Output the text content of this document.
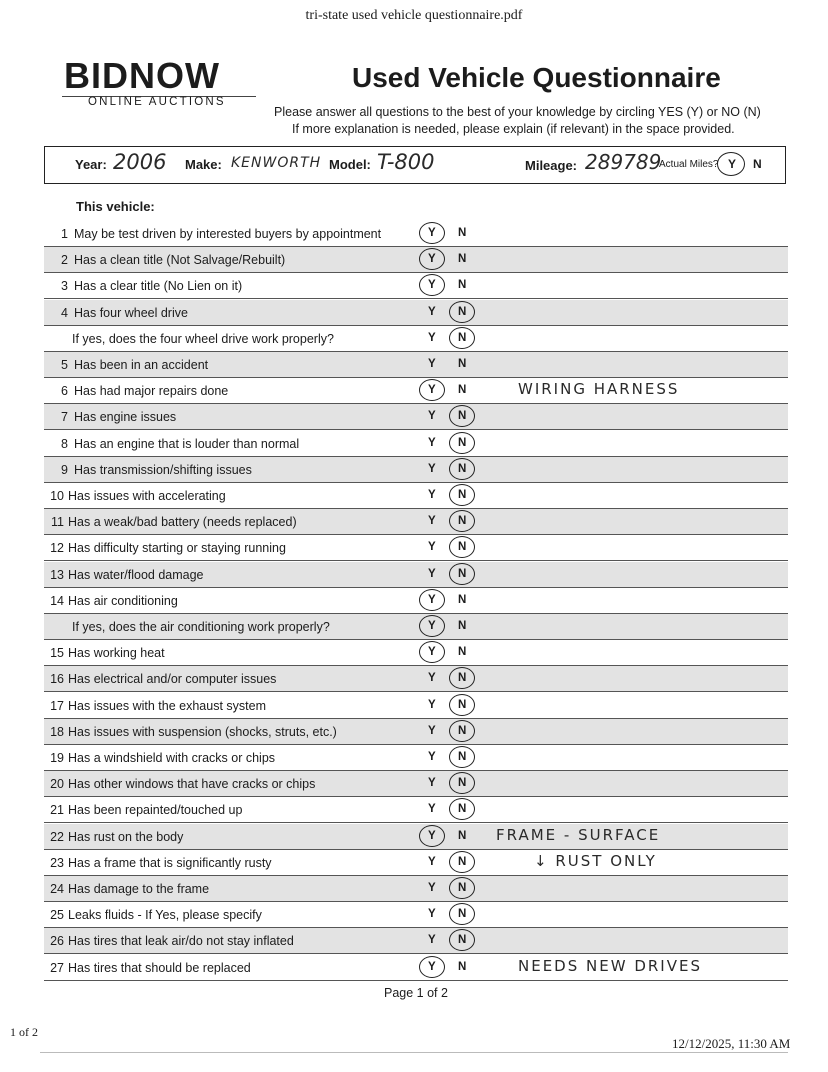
tri-state used vehicle questionnaire.pdf
BIDNOW
ONLINE AUCTIONS
Used Vehicle Questionnaire
Please answer all questions to the best of your knowledge by circling YES (Y) or NO (N)
If more explanation is needed, please explain (if relevant) in the space provided.
Year: 2006 Make: KENWORTH Model: T-800	Mileage: 289789
Actual Miles? Y N
This vehicle:
1 May be test driven by interested buyers by appointment	Y N
2 Has a clean title (Not Salvage/Rebuilt)	Y N
3 Has a clear title (No Lien on it)	Y N
4 Has four wheel drive	Y N
If yes, does the four wheel drive work properly?	Y N
5 Has been in an accident	Y N
6 Has had major repairs done	Y N	WIRING HARNESS
7 Has engine issues	Y N
8 Has an engine that is louder than normal	Y N
9 Has transmission/shifting issues	Y N
10 Has issues with accelerating	Y N
11 Has a weak/bad battery (needs replaced)	Y N
12 Has difficulty starting or staying running	Y N
13 Has water/flood damage	Y N
14 Has air conditioning	Y N
If yes, does the air conditioning work properly?	Y N
15 Has working heat	Y N
16 Has electrical and/or computer issues	Y N
17 Has issues with the exhaust system	Y N
18 Has issues with suspension (shocks, struts, etc.)	Y N
19 Has a windshield with cracks or chips	Y N
20 Has other windows that have cracks or chips	Y N
21 Has been repainted/touched up	Y N
22 Has rust on the body	Y N FRAME - SURFACE
23 Has a frame that is significantly rusty	Y N	↓ RUST ONLY
24 Has damage to the frame	Y N
25 Leaks fluids - If Yes, please specify	Y N
26 Has tires that leak air/do not stay inflated	Y N
27 Has tires that should be replaced	Y N	NEEDS NEW DRIVES
Page 1 of 2
1 of 2
12/12/2025, 11:30 AM
